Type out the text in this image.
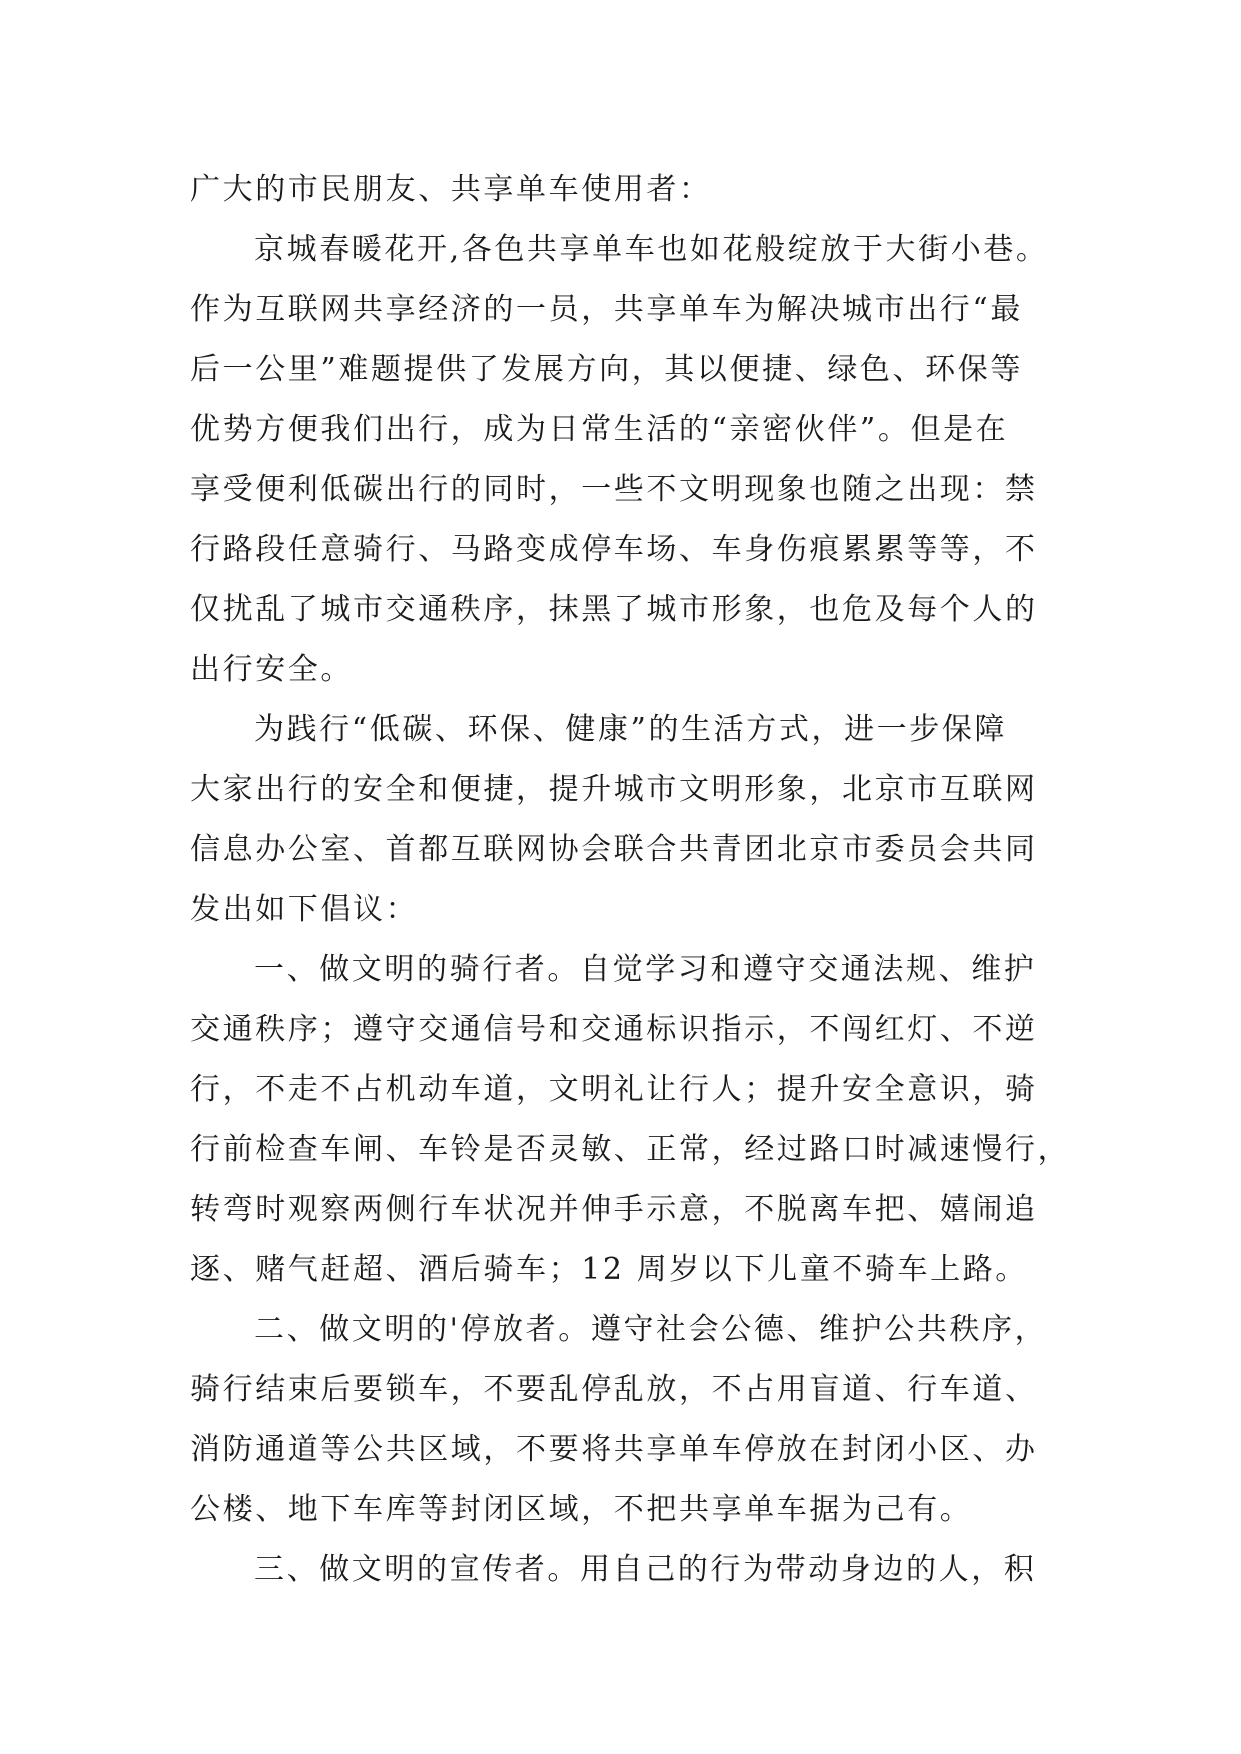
广大的市民朋友、共享单车使用者：
京城春暖花开,各色共享单车也如花般绽放于大街小巷。
作为互联网共享经济的一员，共享单车为解决城市出行“最
后一公里”难题提供了发展方向，其以便捷、绿色、环保等
优势方便我们出行，成为日常生活的“亲密伙伴”。但是在
享受便利低碳出行的同时，一些不文明现象也随之出现：禁
行路段任意骑行、马路变成停车场、车身伤痕累累等等，不
仅扰乱了城市交通秩序，抹黑了城市形象，也危及每个人的
出行安全。
为践行“低碳、环保、健康”的生活方式，进一步保障
大家出行的安全和便捷，提升城市文明形象，北京市互联网
信息办公室、首都互联网协会联合共青团北京市委员会共同
发出如下倡议：
一、做文明的骑行者。自觉学习和遵守交通法规、维护
交通秩序；遵守交通信号和交通标识指示，不闯红灯、不逆
行，不走不占机动车道，文明礼让行人；提升安全意识，骑
行前检查车闸、车铃是否灵敏、正常，经过路口时减速慢行，
转弯时观察两侧行车状况并伸手示意，不脱离车把、嬉闹追
逐、赌气赶超、酒后骑车；12 周岁以下儿童不骑车上路。
二、做文明的'停放者。遵守社会公德、维护公共秩序，
骑行结束后要锁车，不要乱停乱放，不占用盲道、行车道、
消防通道等公共区域，不要将共享单车停放在封闭小区、办
公楼、地下车库等封闭区域，不把共享单车据为己有。
三、做文明的宣传者。用自己的行为带动身边的人，积
